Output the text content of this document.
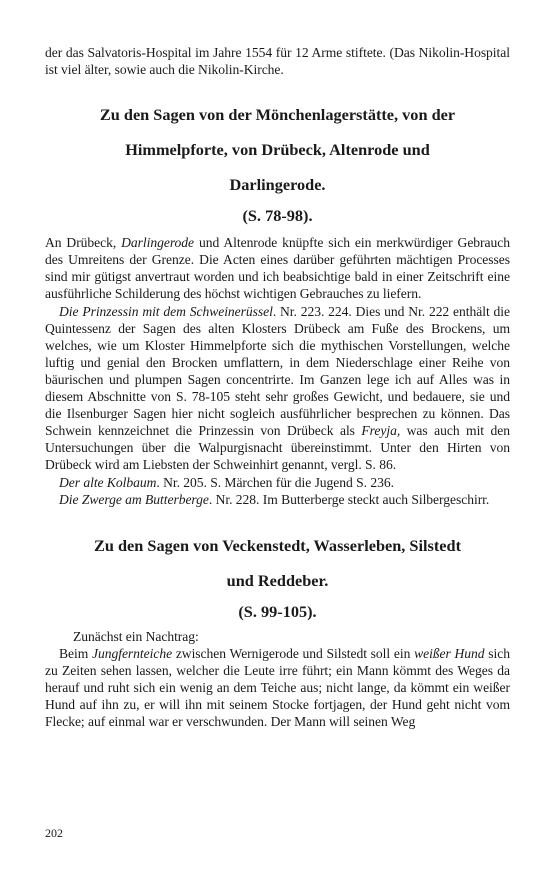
der das Salvatoris-Hospital im Jahre 1554 für 12 Arme stiftete. (Das Nikolin-Hospital ist viel älter, sowie auch die Nikolin-Kirche.

Zu den Sagen von der Mönchenlagerstätte, von der
Himmelpforte, von Drübeck, Altenrode und
Darlingerode.
(S. 78-98).

An Drübeck, Darlingerode und Altenrode knüpfte sich ein merkwürdiger Gebrauch des Umreitens der Grenze. Die Acten eines darüber geführten mächtigen Processes sind mir gütigst anvertraut worden und ich beabsichtige bald in einer Zeitschrift eine ausführliche Schilderung des höchst wichtigen Gebrauches zu liefern.

Die Prinzessin mit dem Schweinerüssel. Nr. 223. 224. Dies und Nr. 222 enthält die Quintessenz der Sagen des alten Klosters Drübeck am Fuße des Brockens, um welches, wie um Kloster Himmelpforte sich die mythischen Vorstellungen, welche luftig und genial den Brocken umflattern, in dem Niederschlage einer Reihe von bäurischen und plumpen Sagen concentrirte. Im Ganzen lege ich auf Alles was in diesem Abschnitte von S. 78-105 steht sehr großes Gewicht, und bedauere, sie und die Ilsenburger Sagen hier nicht sogleich ausführlicher besprechen zu können. Das Schwein kennzeichnet die Prinzessin von Drübeck als Freyja, was auch mit den Untersuchungen über die Walpurgisnacht übereinstimmt. Unter den Hirten von Drübeck wird am Liebsten der Schweinhirt genannt, vergl. S. 86.

Der alte Kolbaum. Nr. 205. S. Märchen für die Jugend S. 236.

Die Zwerge am Butterberge. Nr. 228. Im Butterberge steckt auch Silbergeschirr.

Zu den Sagen von Veckenstedt, Wasserleben, Silstedt
und Reddeber.
(S. 99-105).

Zunächst ein Nachtrag:

Beim Jungfernteiche zwischen Wernigerode und Silstedt soll ein weißer Hund sich zu Zeiten sehen lassen, welcher die Leute irre führt; ein Mann kömmt des Weges da herauf und ruht sich ein wenig an dem Teiche aus; nicht lange, da kömmt ein weißer Hund auf ihn zu, er will ihn mit seinem Stocke fortjagen, der Hund geht nicht vom Flecke; auf einmal war er verschwunden. Der Mann will seinen Weg

202
